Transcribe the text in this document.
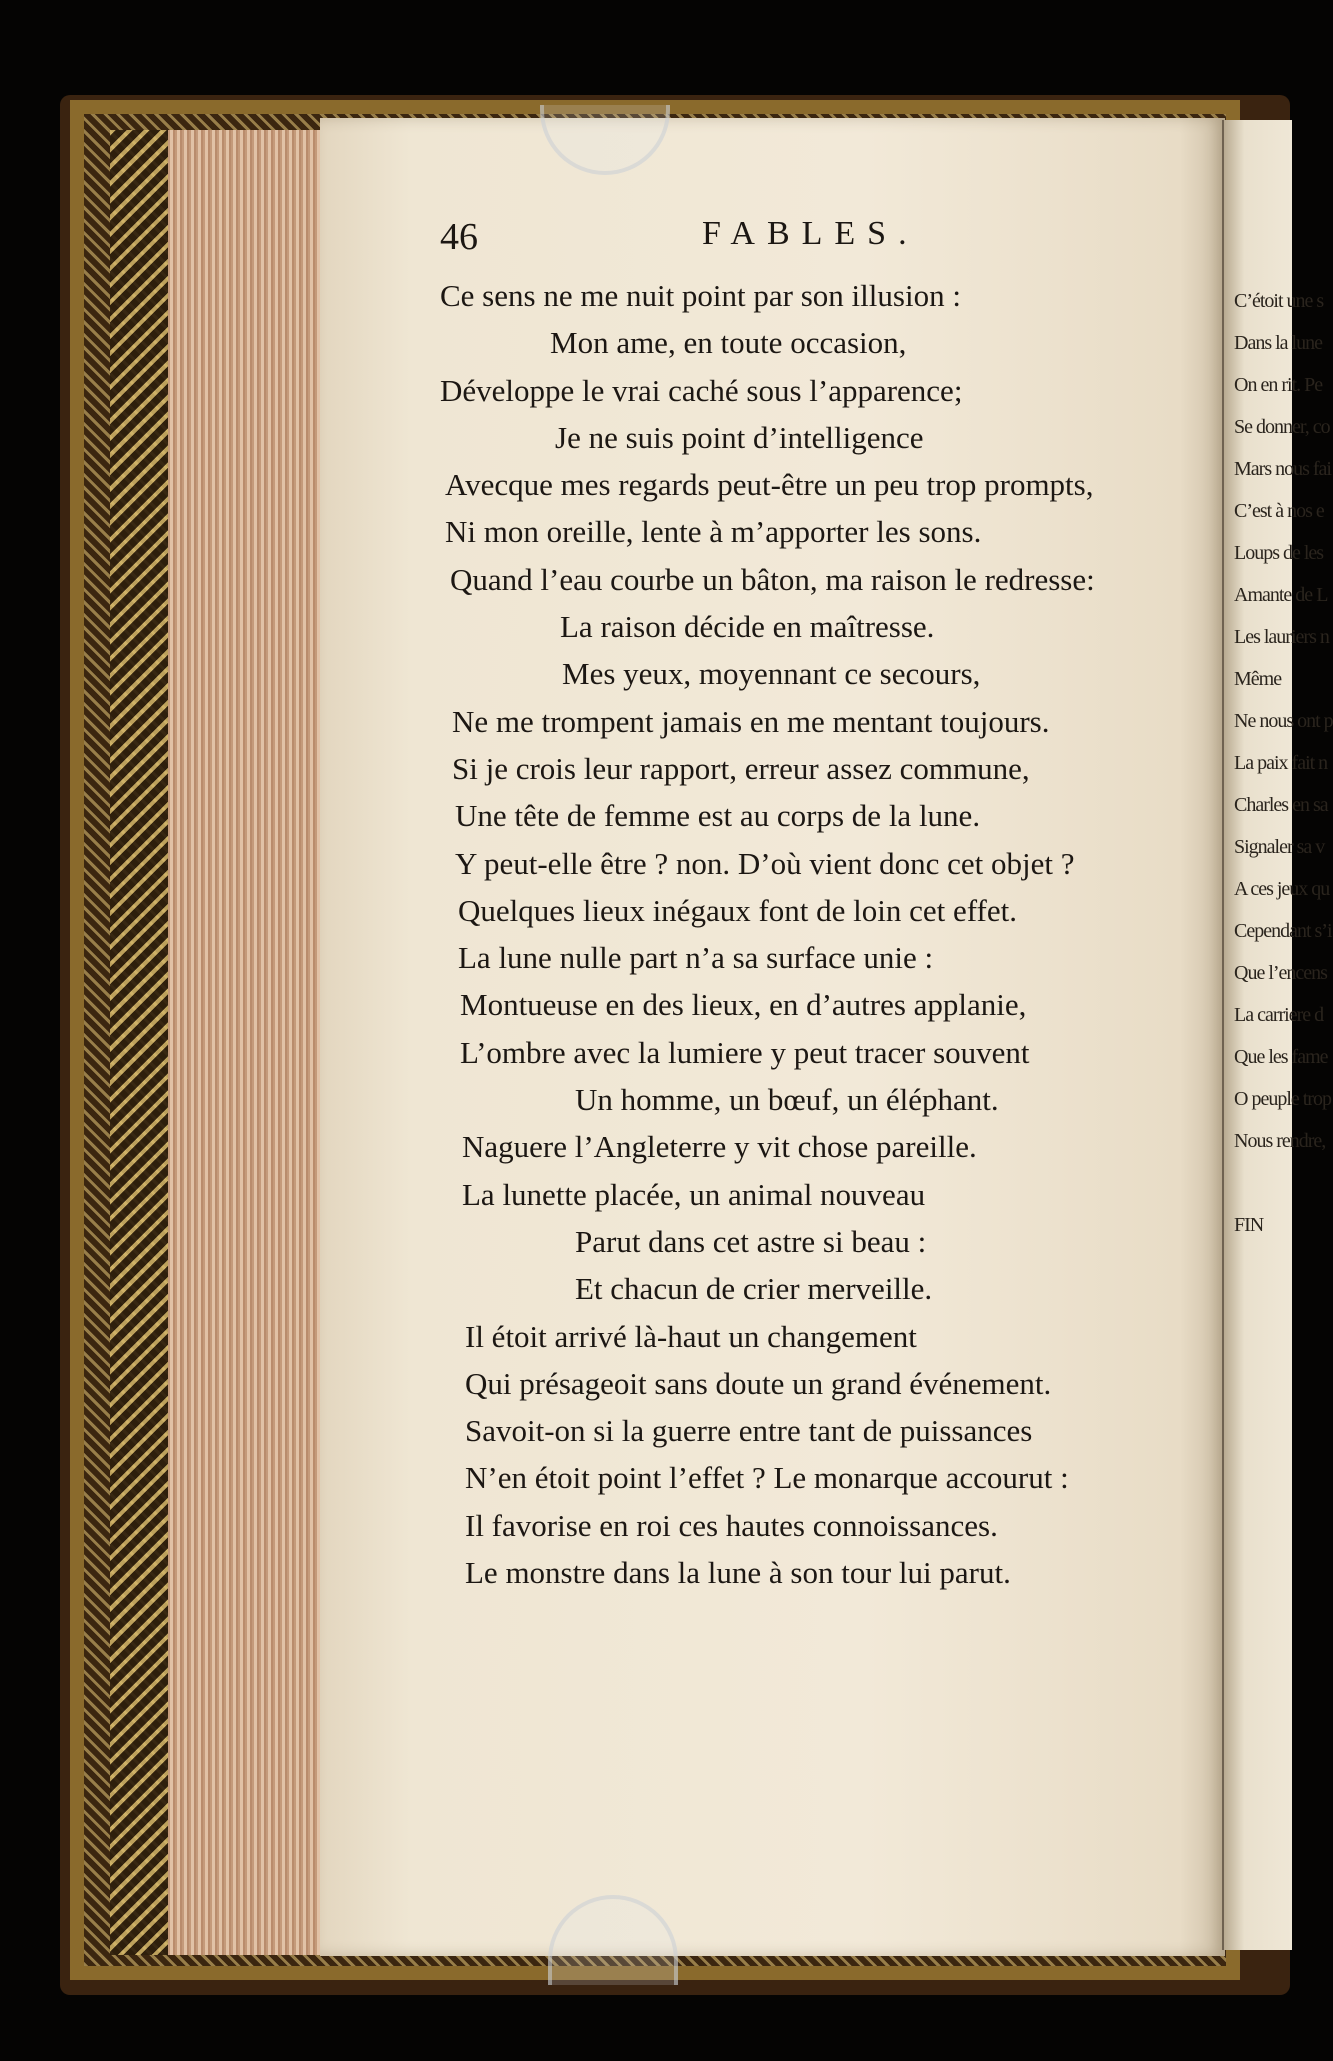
C’étoit une s
Dans la lune
On en rit. Pe
Se donner, co
Mars nous fai
C’est à nos e
Loups de les
Amante de L
Les lauriers n
Même
Ne nous ont p
La paix fait n
Charles en sa
Signaler sa v
A ces jeux qu
Cependant s’i
Que l’encens
La carriere d
Que les fame
O peuple trop
Nous rendre,
FIN
46	FABLES.
Ce sens ne me nuit point par son illusion :
Mon ame, en toute occasion,
Développe le vrai caché sous l’apparence;
Je ne suis point d’intelligence
Avecque mes regards peut-être un peu trop prompts,
Ni mon oreille, lente à m’apporter les sons.
Quand l’eau courbe un bâton, ma raison le redresse:
La raison décide en maîtresse.
Mes yeux, moyennant ce secours,
Ne me trompent jamais en me mentant toujours.
Si je crois leur rapport, erreur assez commune,
Une tête de femme est au corps de la lune.
Y peut-elle être ? non. D’où vient donc cet objet ?
Quelques lieux inégaux font de loin cet effet.
La lune nulle part n’a sa surface unie :
Montueuse en des lieux, en d’autres applanie,
L’ombre avec la lumiere y peut tracer souvent
Un homme, un bœuf, un éléphant.
Naguere l’Angleterre y vit chose pareille.
La lunette placée, un animal nouveau
Parut dans cet astre si beau :
Et chacun de crier merveille.
Il étoit arrivé là-haut un changement
Qui présageoit sans doute un grand événement.
Savoit-on si la guerre entre tant de puissances
N’en étoit point l’effet ? Le monarque accourut :
Il favorise en roi ces hautes connoissances.
Le monstre dans la lune à son tour lui parut.
